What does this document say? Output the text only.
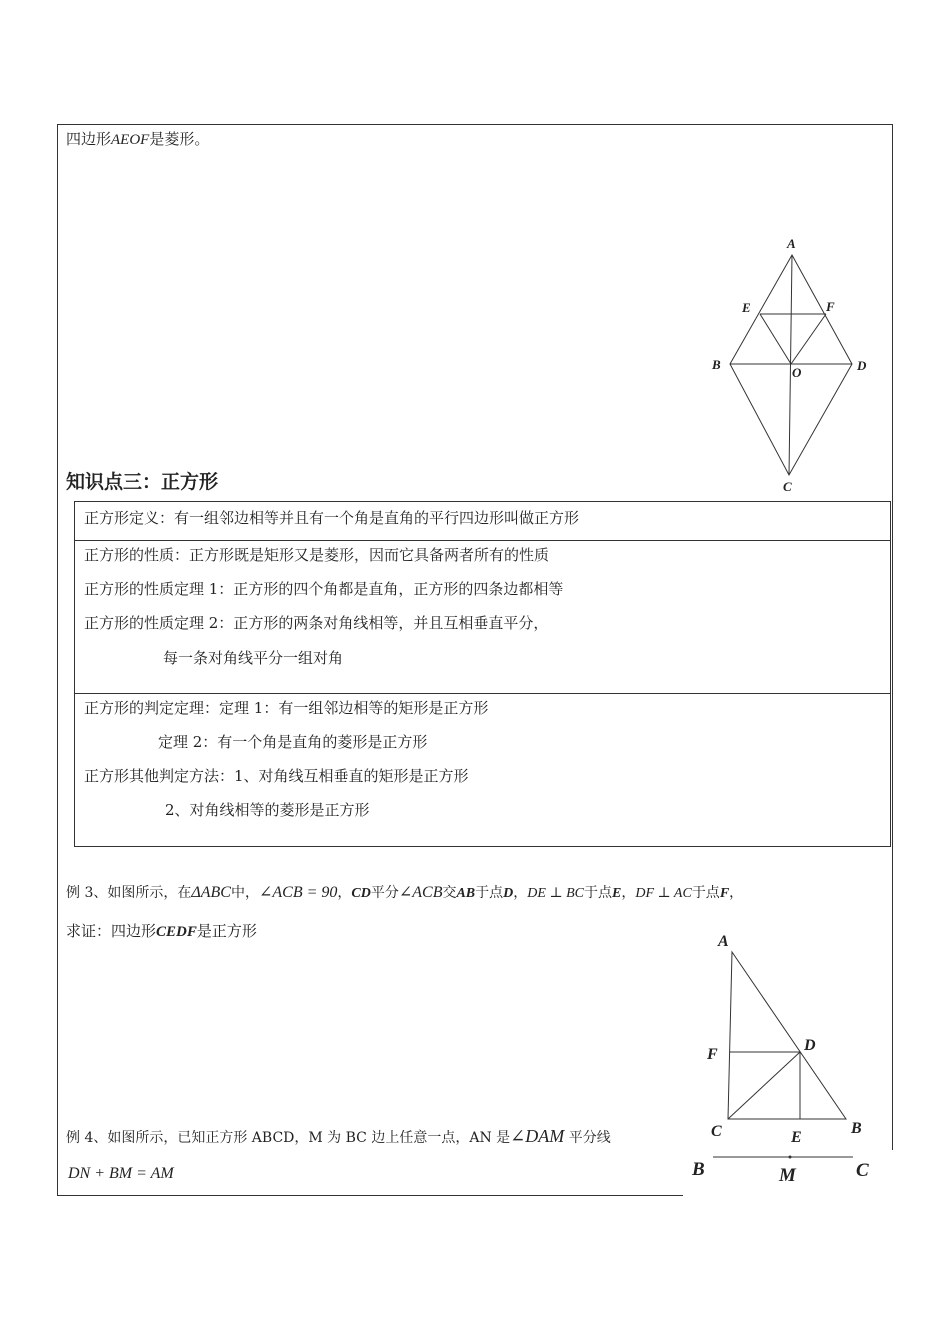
四边形AEOF是菱形。
A
E	F
B
O	D
C
知识点三：正方形
正方形定义：有一组邻边相等并且有一个角是直角的平行四边形叫做正方形
正方形的性质：正方形既是矩形又是菱形，因而它具备两者所有的性质
正方形的性质定理 1：正方形的四个角都是直角，正方形的四条边都相等
正方形的性质定理 2：正方形的两条对角线相等，并且互相垂直平分，
每一条对角线平分一组对角
正方形的判定定理：定理 1：有一组邻边相等的矩形是正方形
定理 2：有一个角是直角的菱形是正方形
正方形其他判定方法：1、对角线互相垂直的矩形是正方形
2、对角线相等的菱形是正方形
例 3、如图所示，在ΔABC中，∠ACB = 90，CD平分∠ACB交AB于点D，DE ⊥ BC于点E，DF ⊥ AC于点F，
求证：四边形CEDF是正方形
A
F
D
C	E
B
例 4、如图所示，已知正方形 ABCD，M 为 BC 边上任意一点，AN 是∠DAM 平分线
DN + BM = AM	B	M	C
